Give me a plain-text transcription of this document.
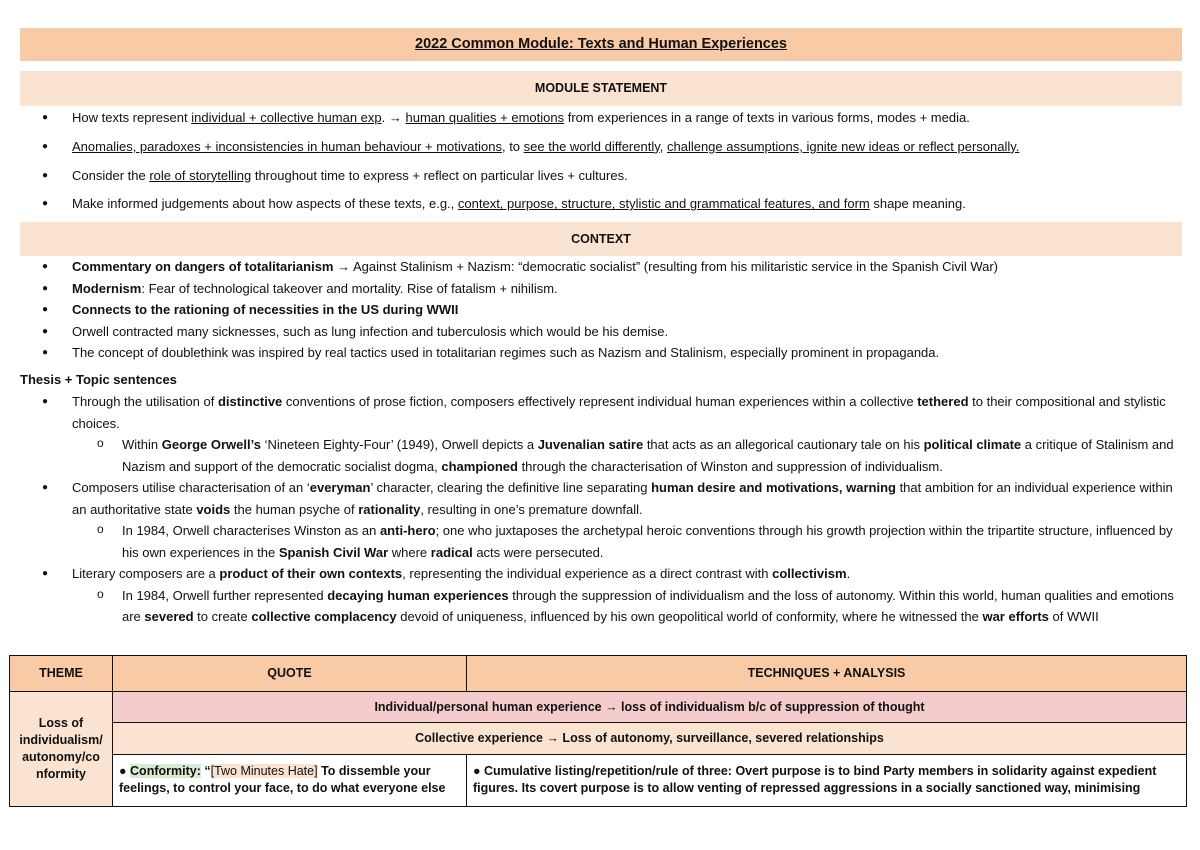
2022 Common Module: Texts and Human Experiences
MODULE STATEMENT
● How texts represent individual + collective human exp. → human qualities + emotions from experiences in a range of texts in various forms, modes + media.
● Anomalies, paradoxes + inconsistencies in human behaviour + motivations, to see the world differently, challenge assumptions, ignite new ideas or reflect personally.
● Consider the role of storytelling throughout time to express + reflect on particular lives + cultures.
● Make informed judgements about how aspects of these texts, e.g., context, purpose, structure, stylistic and grammatical features, and form shape meaning.
CONTEXT
● Commentary on dangers of totalitarianism → Against Stalinism + Nazism: “democratic socialist” (resulting from his militaristic service in the Spanish Civil War)
● Modernism: Fear of technological takeover and mortality. Rise of fatalism + nihilism.
● Connects to the rationing of necessities in the US during WWII
● Orwell contracted many sicknesses, such as lung infection and tuberculosis which would be his demise.
● The concept of doublethink was inspired by real tactics used in totalitarian regimes such as Nazism and Stalinism, especially prominent in propaganda.
Thesis + Topic sentences
● Through the utilisation of distinctive conventions of prose fiction, composers effectively represent individual human experiences within a collective tethered to their compositional and stylistic choices.
o Within George Orwell’s ‘Nineteen Eighty-Four’ (1949), Orwell depicts a Juvenalian satire that acts as an allegorical cautionary tale on his political climate a critique of Stalinism and Nazism and support of the democratic socialist dogma, championed through the characterisation of Winston and suppression of individualism.
● Composers utilise characterisation of an ‘everyman’ character, clearing the definitive line separating human desire and motivations, warning that ambition for an individual experience within an authoritative state voids the human psyche of rationality, resulting in one’s premature downfall.
o In 1984, Orwell characterises Winston as an anti-hero; one who juxtaposes the archetypal heroic conventions through his growth projection within the tripartite structure, influenced by his own experiences in the Spanish Civil War where radical acts were persecuted.
● Literary composers are a product of their own contexts, representing the individual experience as a direct contrast with collectivism.
o In 1984, Orwell further represented decaying human experiences through the suppression of individualism and the loss of autonomy. Within this world, human qualities and emotions are severed to create collective complacency devoid of uniqueness, influenced by his own geopolitical world of conformity, where he witnessed the war efforts of WWII
THEME	QUOTE	TECHNIQUES + ANALYSIS
Loss of individualism/ autonomy/co nformity	Individual/personal human experience → loss of individualism b/c of suppression of thought	
	Collective experience → Loss of autonomy, surveillance, severed relationships	
	● Conformity: “[Two Minutes Hate] To dissemble your feelings, to control your face, to do what everyone else	● Cumulative listing/repetition/rule of three: Overt purpose is to bind Party members in solidarity against expedient figures. Its covert purpose is to allow venting of repressed aggressions in a socially sanctioned way, minimising
